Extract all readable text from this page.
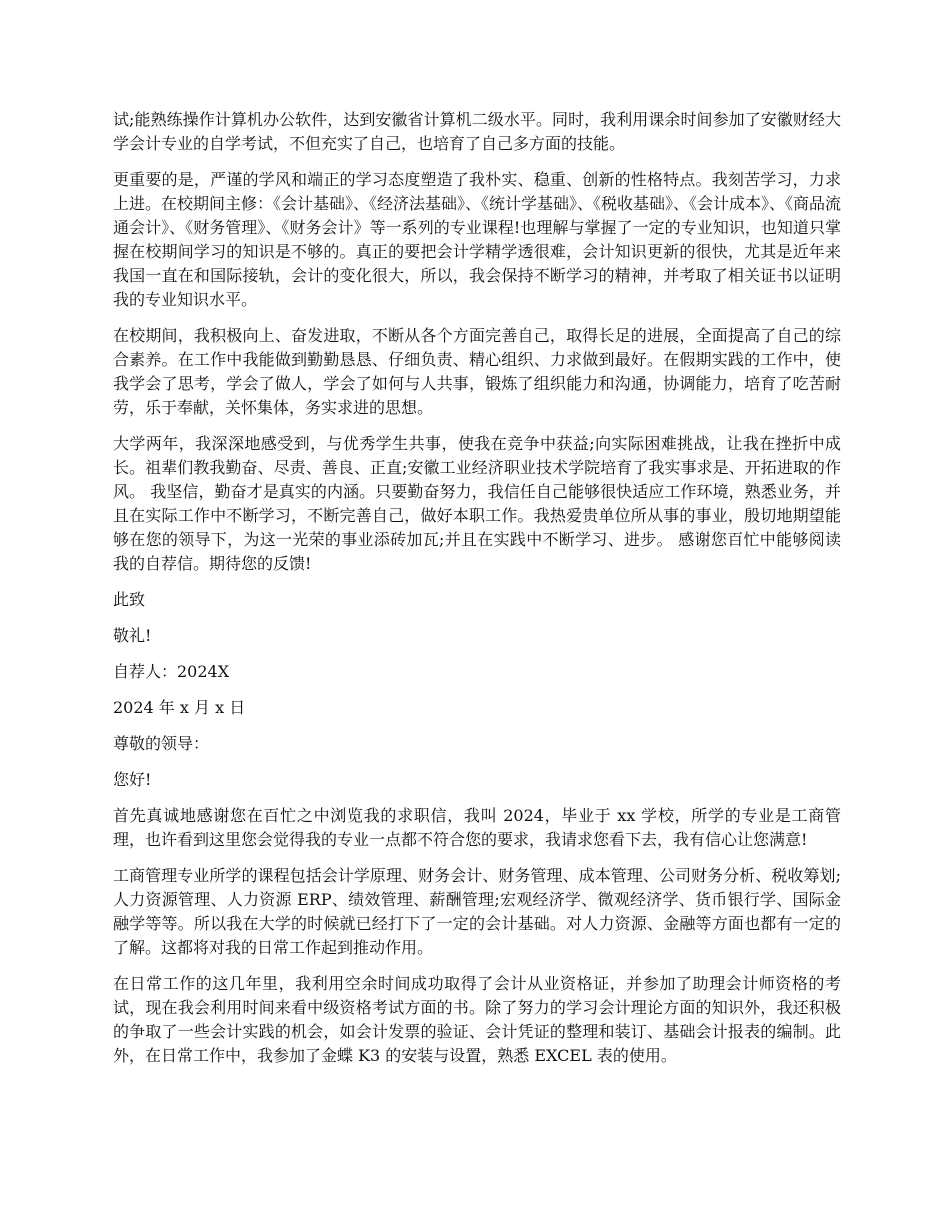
试;能熟练操作计算机办公软件，达到安徽省计算机二级水平。同时，我利用课余时间参加了安徽财经大学会计专业的自学考试，不但充实了自己，也培育了自己多方面的技能。

更重要的是，严谨的学风和端正的学习态度塑造了我朴实、稳重、创新的性格特点。我刻苦学习，力求上进。在校期间主修：《会计基础》、《经济法基础》、《统计学基础》、《税收基础》、《会计成本》、《商品流通会计》、《财务管理》、《财务会计》等一系列的专业课程!也理解与掌握了一定的专业知识，也知道只掌握在校期间学习的知识是不够的。真正的要把会计学精学透很难，会计知识更新的很快，尤其是近年来我国一直在和国际接轨，会计的变化很大，所以，我会保持不断学习的精神，并考取了相关证书以证明我的专业知识水平。

在校期间，我积极向上、奋发进取，不断从各个方面完善自己，取得长足的进展，全面提高了自己的综合素养。在工作中我能做到勤勤恳恳、仔细负责、精心组织、力求做到最好。在假期实践的工作中，使我学会了思考，学会了做人，学会了如何与人共事，锻炼了组织能力和沟通，协调能力，培育了吃苦耐劳，乐于奉献，关怀集体，务实求进的思想。

大学两年，我深深地感受到，与优秀学生共事，使我在竞争中获益;向实际困难挑战，让我在挫折中成长。祖辈们教我勤奋、尽责、善良、正直;安徽工业经济职业技术学院培育了我实事求是、开拓进取的作风。 我坚信，勤奋才是真实的内涵。只要勤奋努力，我信任自己能够很快适应工作环境，熟悉业务，并且在实际工作中不断学习，不断完善自己，做好本职工作。我热爱贵单位所从事的事业，殷切地期望能够在您的领导下，为这一光荣的事业添砖加瓦;并且在实践中不断学习、进步。 感谢您百忙中能够阅读我的自荐信。期待您的反馈!

此致

敬礼!

自荐人：2024X

2024 年 x 月 x 日

尊敬的领导：

您好!

首先真诚地感谢您在百忙之中浏览我的求职信，我叫 2024，毕业于 xx 学校，所学的专业是工商管理，也许看到这里您会觉得我的专业一点都不符合您的要求，我请求您看下去，我有信心让您满意!

工商管理专业所学的课程包括会计学原理、财务会计、财务管理、成本管理、公司财务分析、税收筹划;人力资源管理、人力资源 ERP、绩效管理、薪酬管理;宏观经济学、微观经济学、货币银行学、国际金融学等等。所以我在大学的时候就已经打下了一定的会计基础。对人力资源、金融等方面也都有一定的了解。这都将对我的日常工作起到推动作用。

在日常工作的这几年里，我利用空余时间成功取得了会计从业资格证，并参加了助理会计师资格的考试，现在我会利用时间来看中级资格考试方面的书。除了努力的学习会计理论方面的知识外，我还积极的争取了一些会计实践的机会，如会计发票的验证、会计凭证的整理和装订、基础会计报表的编制。此外，在日常工作中，我参加了金蝶 K3 的安装与设置，熟悉 EXCEL 表的使用。
